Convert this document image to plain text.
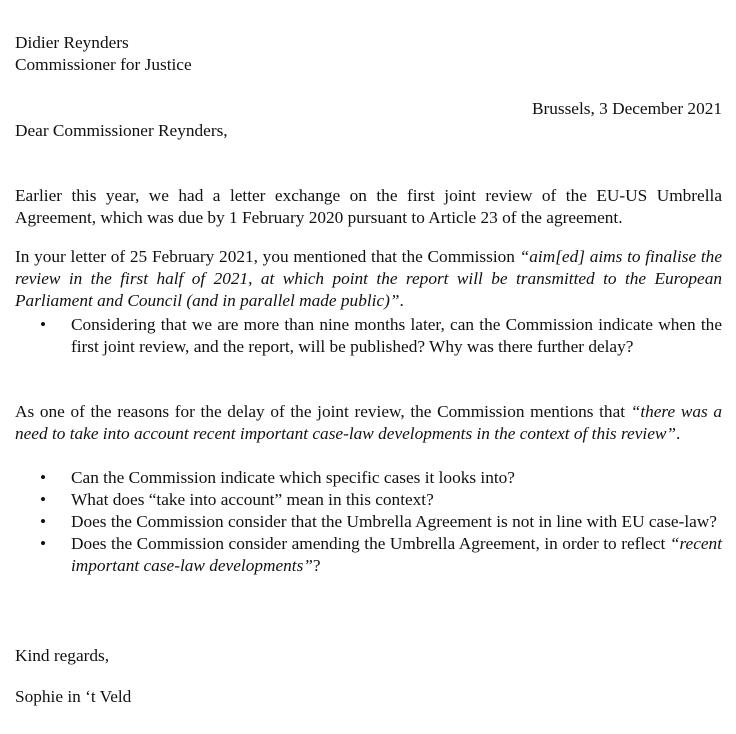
Didier Reynders
Commissioner for Justice
Brussels, 3 December 2021
Dear Commissioner Reynders,
Earlier this year, we had a letter exchange on the first joint review of the EU-US Umbrella Agreement, which was due by 1 February 2020 pursuant to Article 23 of the agreement.
In your letter of 25 February 2021, you mentioned that the Commission “aim[ed] aims to finalise the review in the first half of 2021, at which point the report will be transmitted to the European Parliament and Council (and in parallel made public)”.
•	Considering that we are more than nine months later, can the Commission indicate when the first joint review, and the report, will be published? Why was there further delay?
As one of the reasons for the delay of the joint review, the Commission mentions that “there was a need to take into account recent important case-law developments in the context of this review”.
•	Can the Commission indicate which specific cases it looks into?
•	What does “take into account” mean in this context?
•	Does the Commission consider that the Umbrella Agreement is not in line with EU case-law?
•	Does the Commission consider amending the Umbrella Agreement, in order to reflect “recent important case-law developments”?
Kind regards,
Sophie in ‘t Veld
